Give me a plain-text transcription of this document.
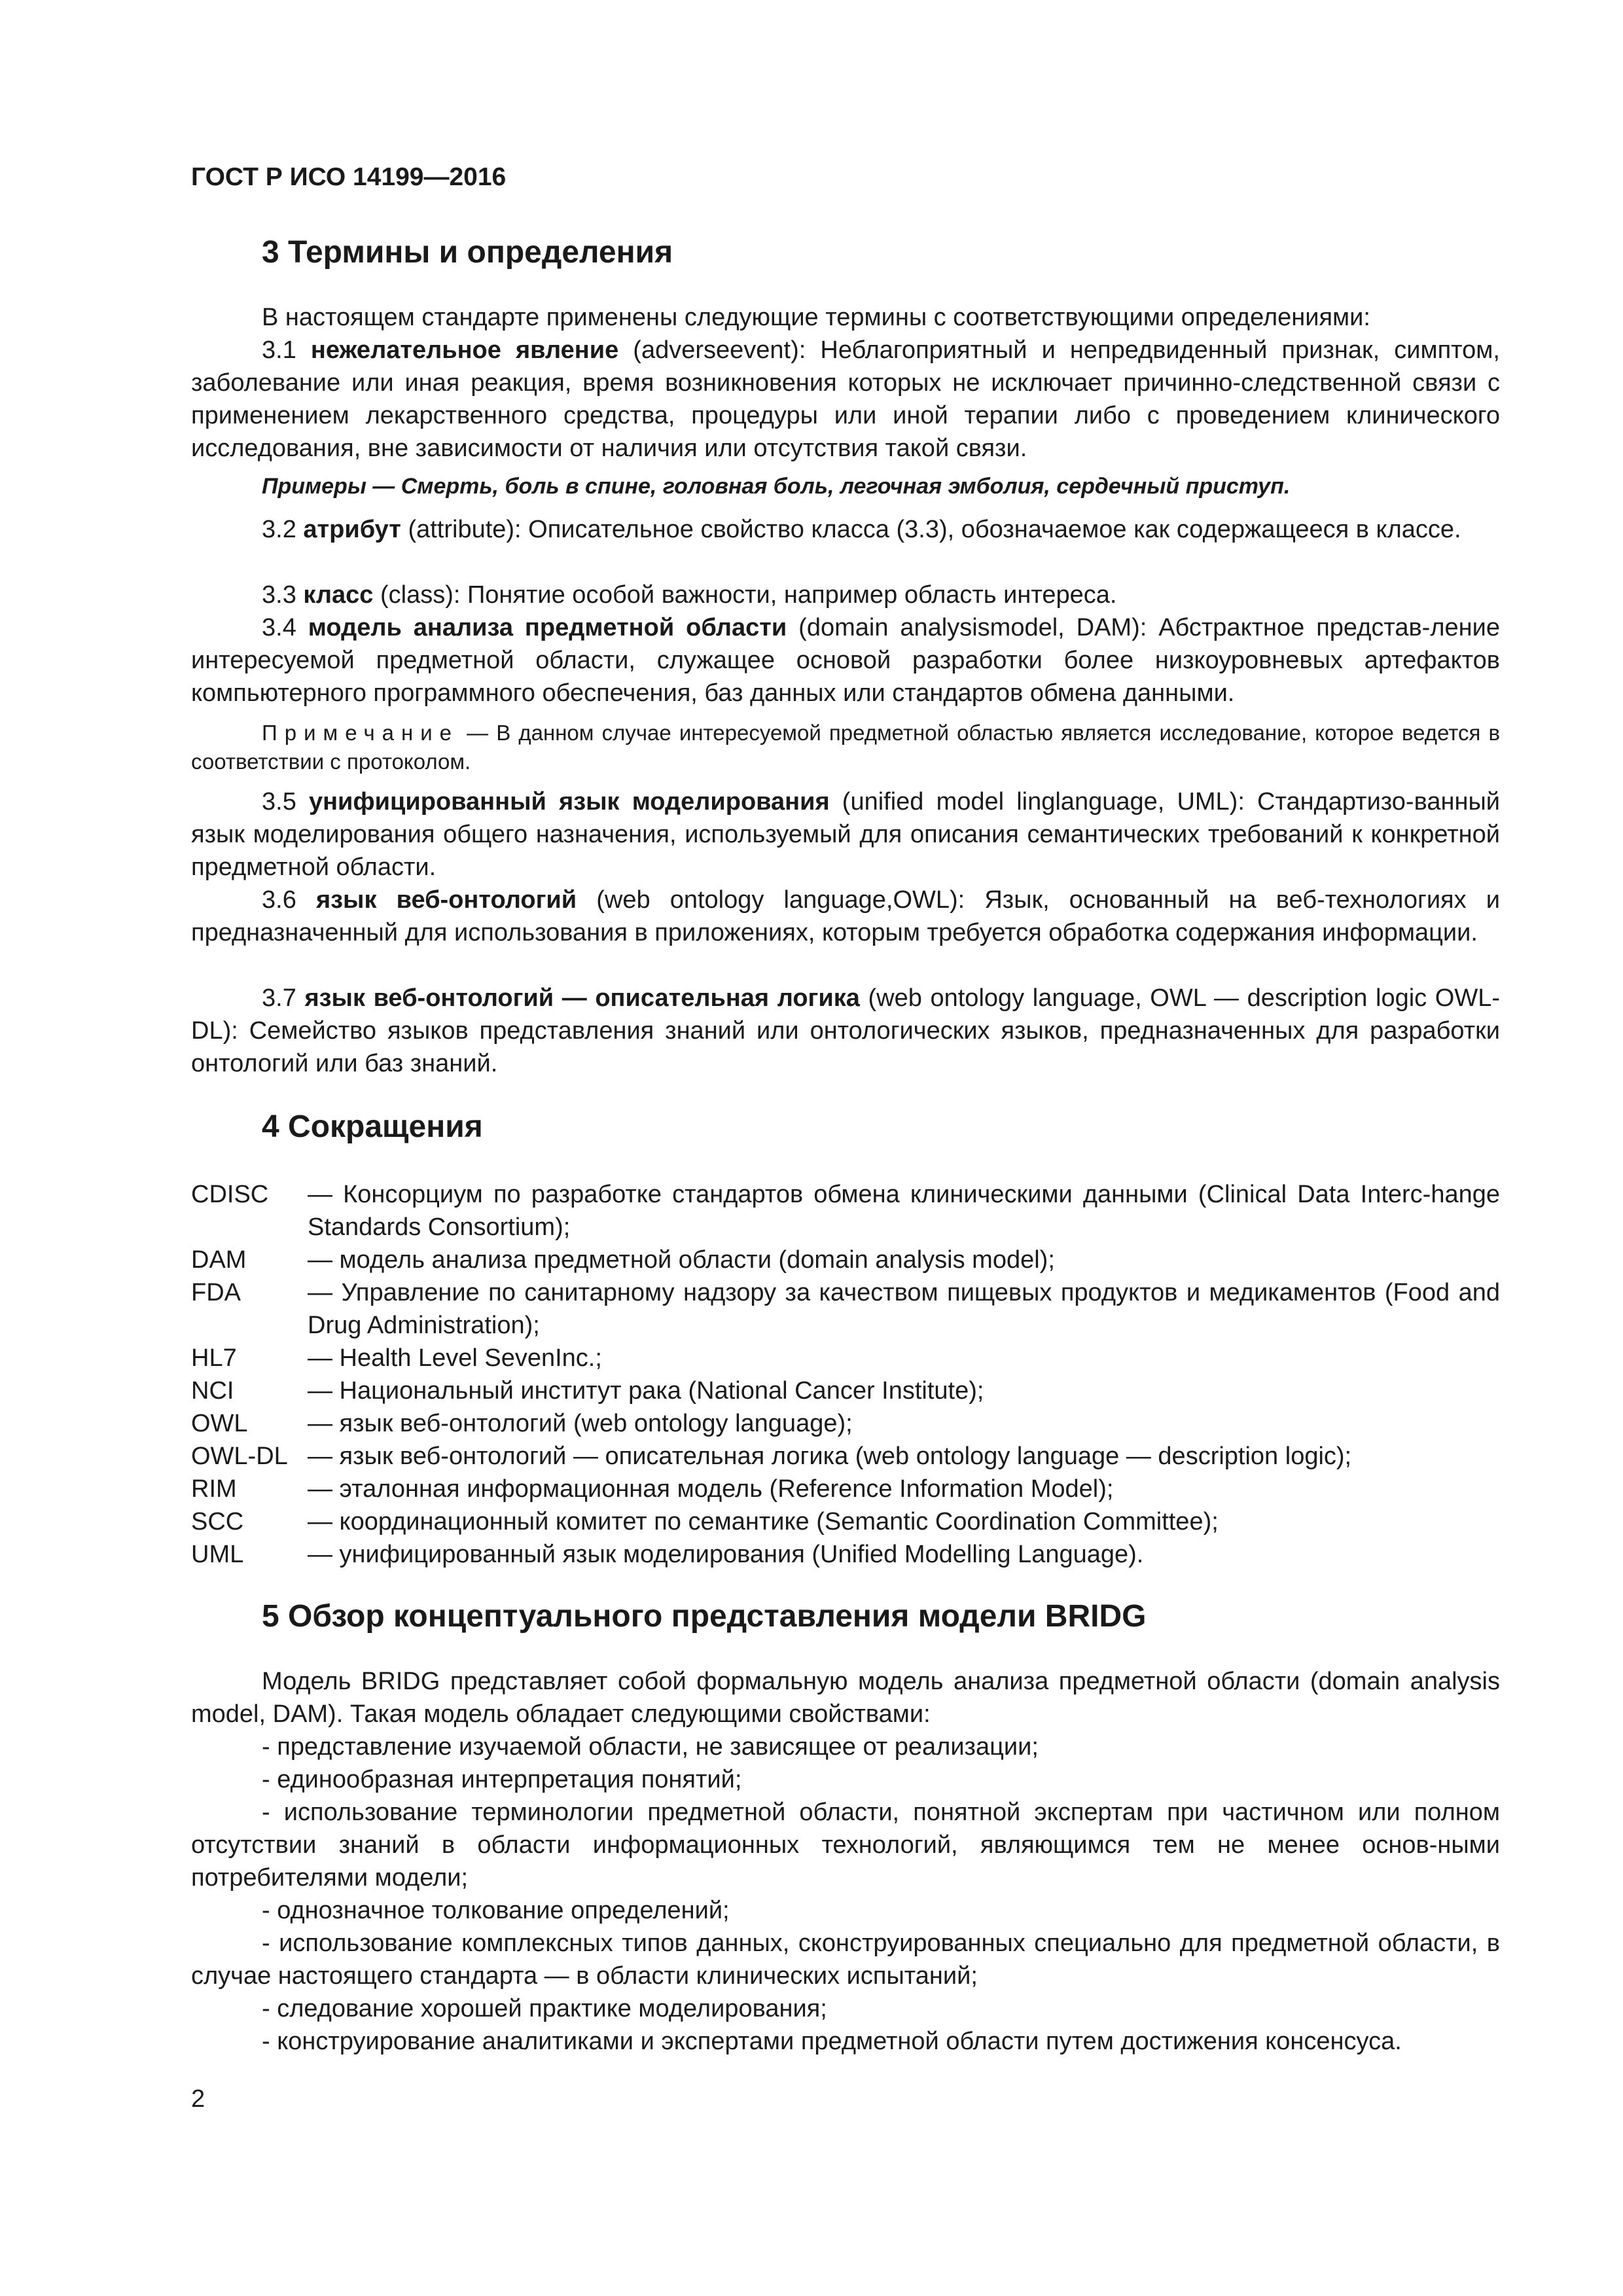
ГОСТ Р ИСО 14199—2016
3 Термины и определения
В настоящем стандарте применены следующие термины с соответствующими определениями:
3.1 нежелательное явление (adverseevent): Неблагоприятный и непредвиденный признак, симптом, заболевание или иная реакция, время возникновения которых не исключает причинно-следственной связи с применением лекарственного средства, процедуры или иной терапии либо с проведением клинического исследования, вне зависимости от наличия или отсутствия такой связи.
Примеры — Смерть, боль в спине, головная боль, легочная эмболия, сердечный приступ.
3.2 атрибут (attribute): Описательное свойство класса (3.3), обозначаемое как содержащееся в классе.
3.3 класс (class): Понятие особой важности, например область интереса.
3.4 модель анализа предметной области (domain analysismodel, DAM): Абстрактное представ-ление интересуемой предметной области, служащее основой разработки более низкоуровневых артефактов компьютерного программного обеспечения, баз данных или стандартов обмена данными.
Примечание — В данном случае интересуемой предметной областью является исследование, которое ведется в соответствии с протоколом.
3.5 унифицированный язык моделирования (unified model linglanguage, UML): Стандартизо-ванный язык моделирования общего назначения, используемый для описания семантических требований к конкретной предметной области.
3.6 язык веб-онтологий (web ontology language,OWL): Язык, основанный на веб-технологиях и предназначенный для использования в приложениях, которым требуется обработка содержания информации.
3.7 язык веб-онтологий — описательная логика (web ontology language, OWL — description logic OWL-DL): Семейство языков представления знаний или онтологических языков, предназначенных для разработки онтологий или баз знаний.
4 Сокращения
CDISC — Консорциум по разработке стандартов обмена клиническими данными (Clinical Data Interc-hange Standards Consortium);
DAM — модель анализа предметной области (domain analysis model);
FDA	— Управление по санитарному надзору за качеством пищевых продуктов и медикаментов (Food and Drug Administration);
HL7	— Health Level SevenInc.;
NCI	— Национальный институт рака (National Cancer Institute);
OWL — язык веб-онтологий (web ontology language);
OWL-DL — язык веб-онтологий — описательная логика (web ontology language — description logic);
RIM	— эталонная информационная модель (Reference Information Model);
SCC	— координационный комитет по семантике (Semantic Coordination Committee);
UML	— унифицированный язык моделирования (Unified Modelling Language).
5 Обзор концептуального представления модели BRIDG
Модель BRIDG представляет собой формальную модель анализа предметной области (domain analysis model, DAM). Такая модель обладает следующими свойствами:
- представление изучаемой области, не зависящее от реализации;
- единообразная интерпретация понятий;
- использование терминологии предметной области, понятной экспертам при частичном или полном отсутствии знаний в области информационных технологий, являющимся тем не менее основ-ными потребителями модели;
- однозначное толкование определений;
- использование комплексных типов данных, сконструированных специально для предметной области, в случае настоящего стандарта — в области клинических испытаний;
- следование хорошей практике моделирования;
- конструирование аналитиками и экспертами предметной области путем достижения консенсуса.
2
